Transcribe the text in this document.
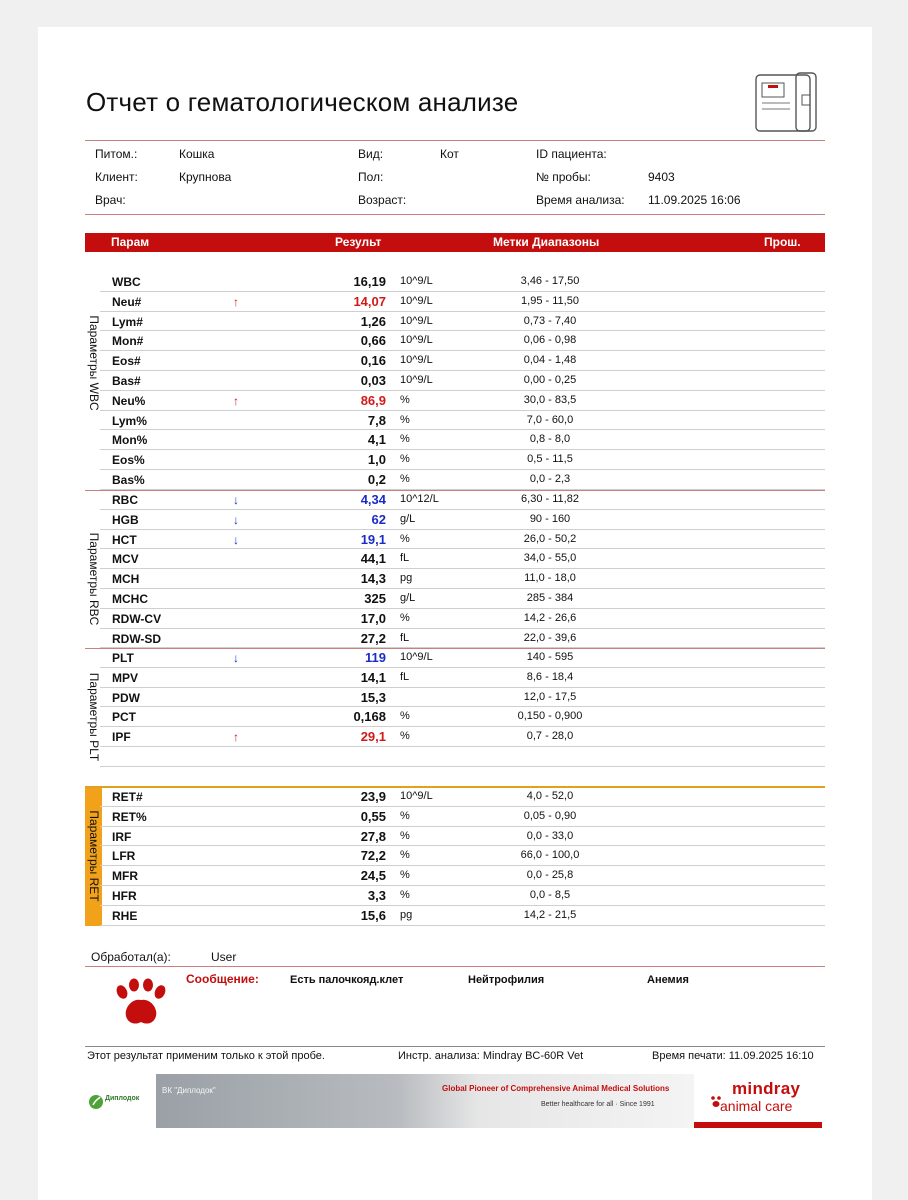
Отчет о гематологическом анализе
Питом.:	Кошка
Клиент:	Крупнова
Врач:
Вид:	Кот
Пол:
Возраст:
ID пациента:
№ пробы:	9403
Время анализа: 11.09.2025 16:06
Парам	Результ	Метки Диапазоны	Прош.
Параметры WBC
Параметры RBC
Параметры PLT
Параметры RET
WBC	16,19 10^9/L	3,46 - 17,50
Neu#	↑	14,07 10^9/L	1,95 - 11,50
Lym#	1,26 10^9/L	0,73 - 7,40
Mon#	0,66 10^9/L	0,06 - 0,98
Eos#	0,16 10^9/L	0,04 - 1,48
Bas#	0,03 10^9/L	0,00 - 0,25
Neu%	↑	86,9 %	30,0 - 83,5
Lym%	7,8 %	7,0 - 60,0
Mon%	4,1 %	0,8 - 8,0
Eos%	1,0 %	0,5 - 11,5
Bas%	0,2 %	0,0 - 2,3
RBC	↓	4,34 10^12/L	6,30 - 11,82
HGB	↓	62 g/L	90 - 160
HCT	↓	19,1 %	26,0 - 50,2
MCV	44,1 fL	34,0 - 55,0
MCH	14,3 pg	11,0 - 18,0
MCHC	325 g/L	285 - 384
RDW-CV	17,0 %	14,2 - 26,6
RDW-SD	27,2 fL	22,0 - 39,6
PLT	↓	119 10^9/L	140 - 595
MPV	14,1 fL	8,6 - 18,4
PDW	15,3	12,0 - 17,5
PCT	0,168 %	0,150 - 0,900
IPF	↑	29,1 %	0,7 - 28,0
RET#	23,9 10^9/L	4,0 - 52,0
RET%	0,55 %	0,05 - 0,90
IRF	27,8 %	0,0 - 33,0
LFR	72,2 %	66,0 - 100,0
MFR	24,5 %	0,0 - 25,8
HFR	3,3 %	0,0 - 8,5
RHE	15,6 pg	14,2 - 21,5
Обработал(а):	User
Сообщение:	Есть палочкояд.клет	Нейтрофилия	Анемия
Этот результат применим только к этой пробе.	Инстр. анализа: Mindray BC-60R Vet	Время печати: 11.09.2025 16:10
Диплодок
ВК "Диплодок"	Global Pioneer of Comprehensive Animal Medical Solutions
Better healthcare for all · Since 1991
mindray
animal care
